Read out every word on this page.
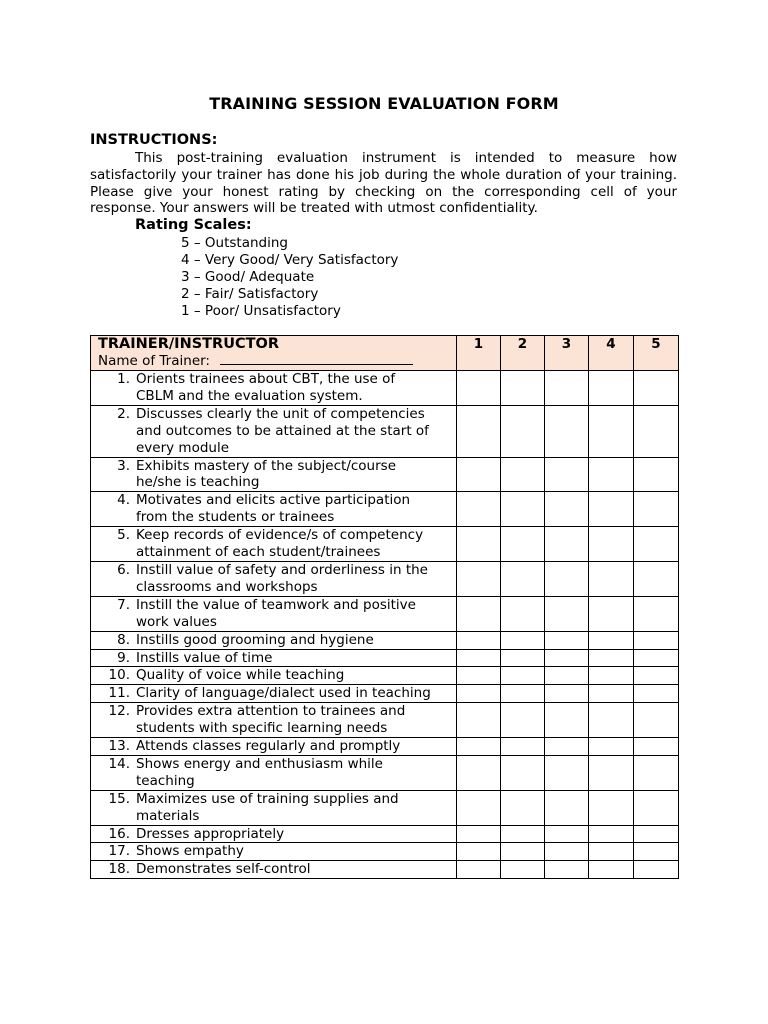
TRAINING SESSION EVALUATION FORM
INSTRUCTIONS:
This post-training evaluation instrument is intended to measure how satisfactorily your trainer has done his job during the whole duration of your training. Please give your honest rating by checking on the corresponding cell of your response. Your answers will be treated with utmost confidentiality.
Rating Scales:
5 – Outstanding
4 – Very Good/ Very Satisfactory
3 – Good/ Adequate
2 – Fair/ Satisfactory
1 – Poor/ Unsatisfactory
TRAINER/INSTRUCTOR
Name of Trainer:	1	2	3	4	5

1. Orients trainees about CBT, the use of
CBLM and the evaluation system.					

2. Discusses clearly the unit of competencies
and outcomes to be attained at the start of
every module					

3. Exhibits mastery of the subject/course
he/she is teaching					

4. Motivates and elicits active participation
from the students or trainees					

5. Keep records of evidence/s of competency
attainment of each student/trainees					

6. Instill value of safety and orderliness in the
classrooms and workshops					

7. Instill the value of teamwork and positive
work values					

8. Instills good grooming and hygiene					

9. Instills value of time					

10. Quality of voice while teaching					

11. Clarity of language/dialect used in teaching					

12. Provides extra attention to trainees and
students with specific learning needs					

13. Attends classes regularly and promptly					

14. Shows energy and enthusiasm while
teaching					

15. Maximizes use of training supplies and
materials					

16. Dresses appropriately					

17. Shows empathy					

18. Demonstrates self-control					
